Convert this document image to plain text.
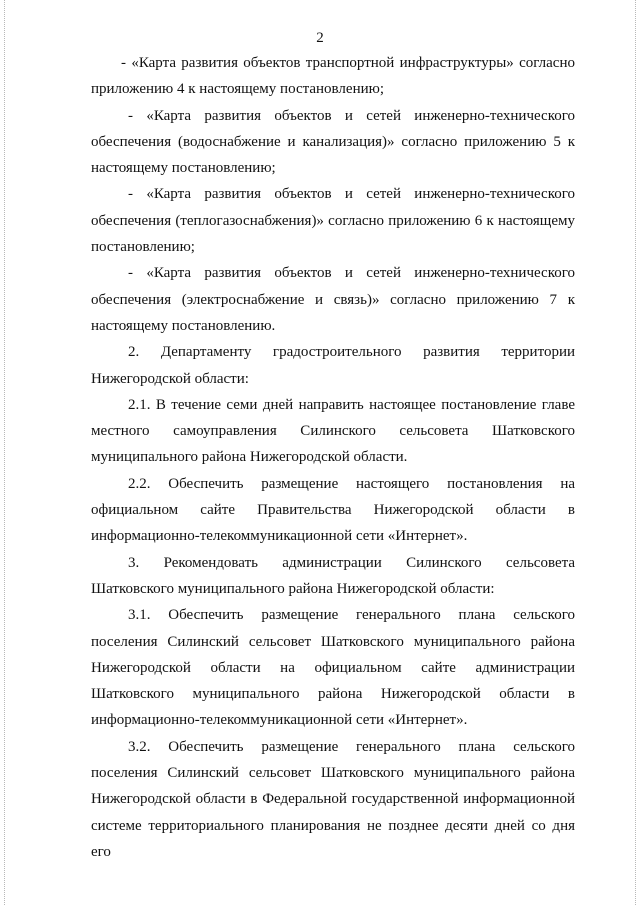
2

- «Карта развития объектов транспортной инфраструктуры» согласно приложению 4 к настоящему постановлению;

- «Карта развития объектов и сетей инженерно-технического обеспечения (водоснабжение и канализация)» согласно приложению 5 к настоящему постановлению;

- «Карта развития объектов и сетей инженерно-технического обеспечения (теплогазоснабжения)» согласно приложению 6 к настоящему постановлению;

- «Карта развития объектов и сетей инженерно-технического обеспечения (электроснабжение и связь)» согласно приложению 7 к настоящему постановлению.

2. Департаменту градостроительного развития территории Нижегородской области:

2.1. В течение семи дней направить настоящее постановление главе местного самоуправления Силинского сельсовета Шатковского муниципального района Нижегородской области.

2.2. Обеспечить размещение настоящего постановления на официальном сайте Правительства Нижегородской области в информационно-телекоммуникационной сети «Интернет».

3. Рекомендовать администрации Силинского сельсовета Шатковского муниципального района Нижегородской области:

3.1. Обеспечить размещение генерального плана сельского поселения Силинский сельсовет Шатковского муниципального района Нижегородской области на официальном сайте администрации Шатковского муниципального района Нижегородской области в информационно-телекоммуникационной сети «Интернет».

3.2. Обеспечить размещение генерального плана сельского поселения Силинский сельсовет Шатковского муниципального района Нижегородской области в Федеральной государственной информационной системе территориального планирования не позднее десяти дней со дня его
